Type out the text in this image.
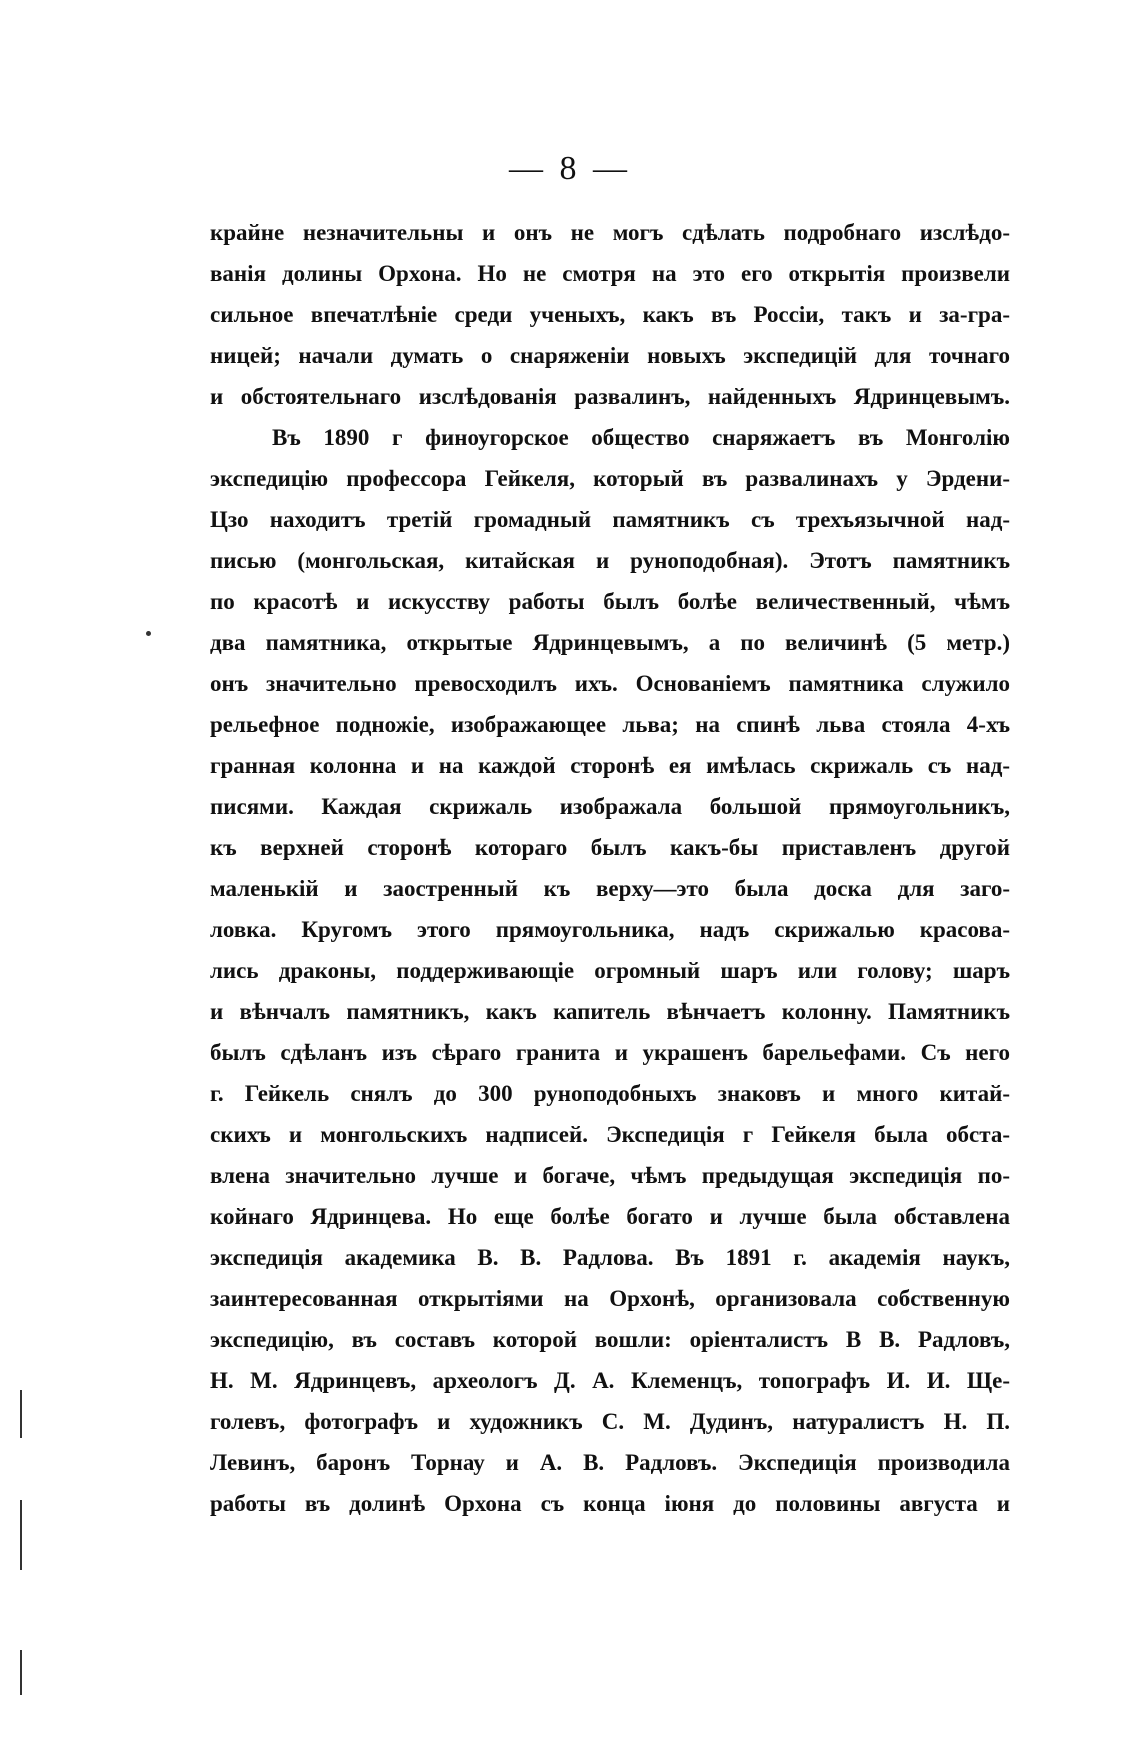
— 8 —
крайне незначительны и онъ не могъ сдѣлать подробнаго изслѣдо-
ванія долины Орхона. Но не смотря на это его открытія произвели
сильное впечатлѣніе среди ученыхъ, какъ въ Россіи, такъ и за-гра-
ницей; начали думать о снаряженіи новыхъ экспедицій для точнаго
и обстоятельнаго изслѣдованія развалинъ, найденныхъ Ядринцевымъ.
Въ 1890 г финоугорское общество снаряжаетъ въ Монголію
экспедицію профессора Гейкеля, который въ развалинахъ у Эрдени-
Цзо находитъ третій громадный памятникъ съ трехъязычной над-
писью (монгольская, китайская и руноподобная). Этотъ памятникъ
по красотѣ и искусству работы былъ болѣе величественный, чѣмъ
два памятника, открытые Ядринцевымъ, а по величинѣ (5 метр.)
онъ значительно превосходилъ ихъ. Основаніемъ памятника служило
рельефное подножіе, изображающее льва; на спинѣ льва стояла 4-хъ
гранная колонна и на каждой сторонѣ ея имѣлась скрижаль съ над-
писями. Каждая скрижаль изображала большой прямоугольникъ,
къ верхней сторонѣ котораго былъ какъ-бы приставленъ другой
маленькій и заостренный къ верху—это была доска для заго-
ловка. Кругомъ этого прямоугольника, надъ скрижалью красова-
лись драконы, поддерживающіе огромный шаръ или голову; шаръ
и вѣнчалъ памятникъ, какъ капитель вѣнчаетъ колонну. Памятникъ
былъ сдѣланъ изъ сѣраго гранита и украшенъ барельефами. Съ него
г. Гейкель снялъ до 300 руноподобныхъ знаковъ и много китай-
скихъ и монгольскихъ надписей. Экспедиція г Гейкеля была обста-
влена значительно лучше и богаче, чѣмъ предыдущая экспедиція по-
койнаго Ядринцева. Но еще болѣе богато и лучше была обставлена
экспедиція академика В. В. Радлова. Въ 1891 г. академія наукъ,
заинтересованная открытіями на Орхонѣ, организовала собственную
экспедицію, въ составъ которой вошли: оріенталистъ В В. Радловъ,
Н. М. Ядринцевъ, археологъ Д. А. Клеменцъ, топографъ И. И. Ще-
голевъ, фотографъ и художникъ С. М. Дудинъ, натуралистъ Н. П.
Левинъ, баронъ Торнау и А. В. Радловъ. Экспедиція производила
работы въ долинѣ Орхона съ конца іюня до половины августа и
